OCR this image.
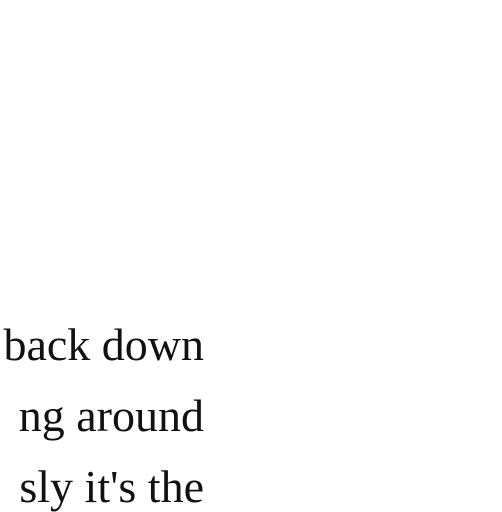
back down
ng around
sly it's the
